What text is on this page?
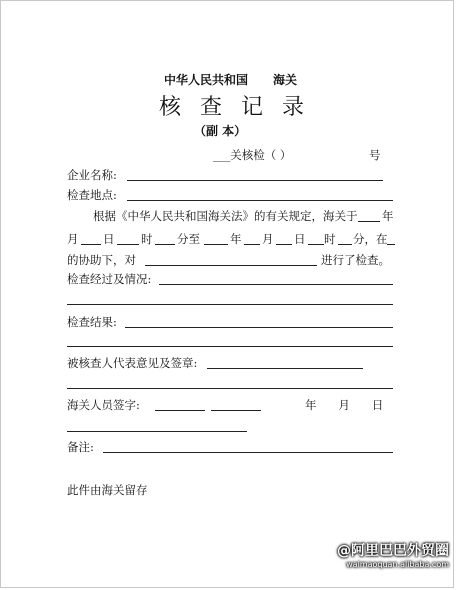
中华人民共和国 海关
核查记录
（副 本）
___关核检（ ）	号
企业名称:
检查地点:
根据《中华人民共和国海关法》的有关规定，海关于 年
月 日 时 分至	年 月 日 时 分，在
的协助下，对	进行了检查。
检查经过及情况:
检查结果:
被核查人代表意见及签章:
海关人员签字:	年      月      日
备注:
此件由海关留存
@阿里巴巴外贸圈
waimaoquan.alibaba.com
